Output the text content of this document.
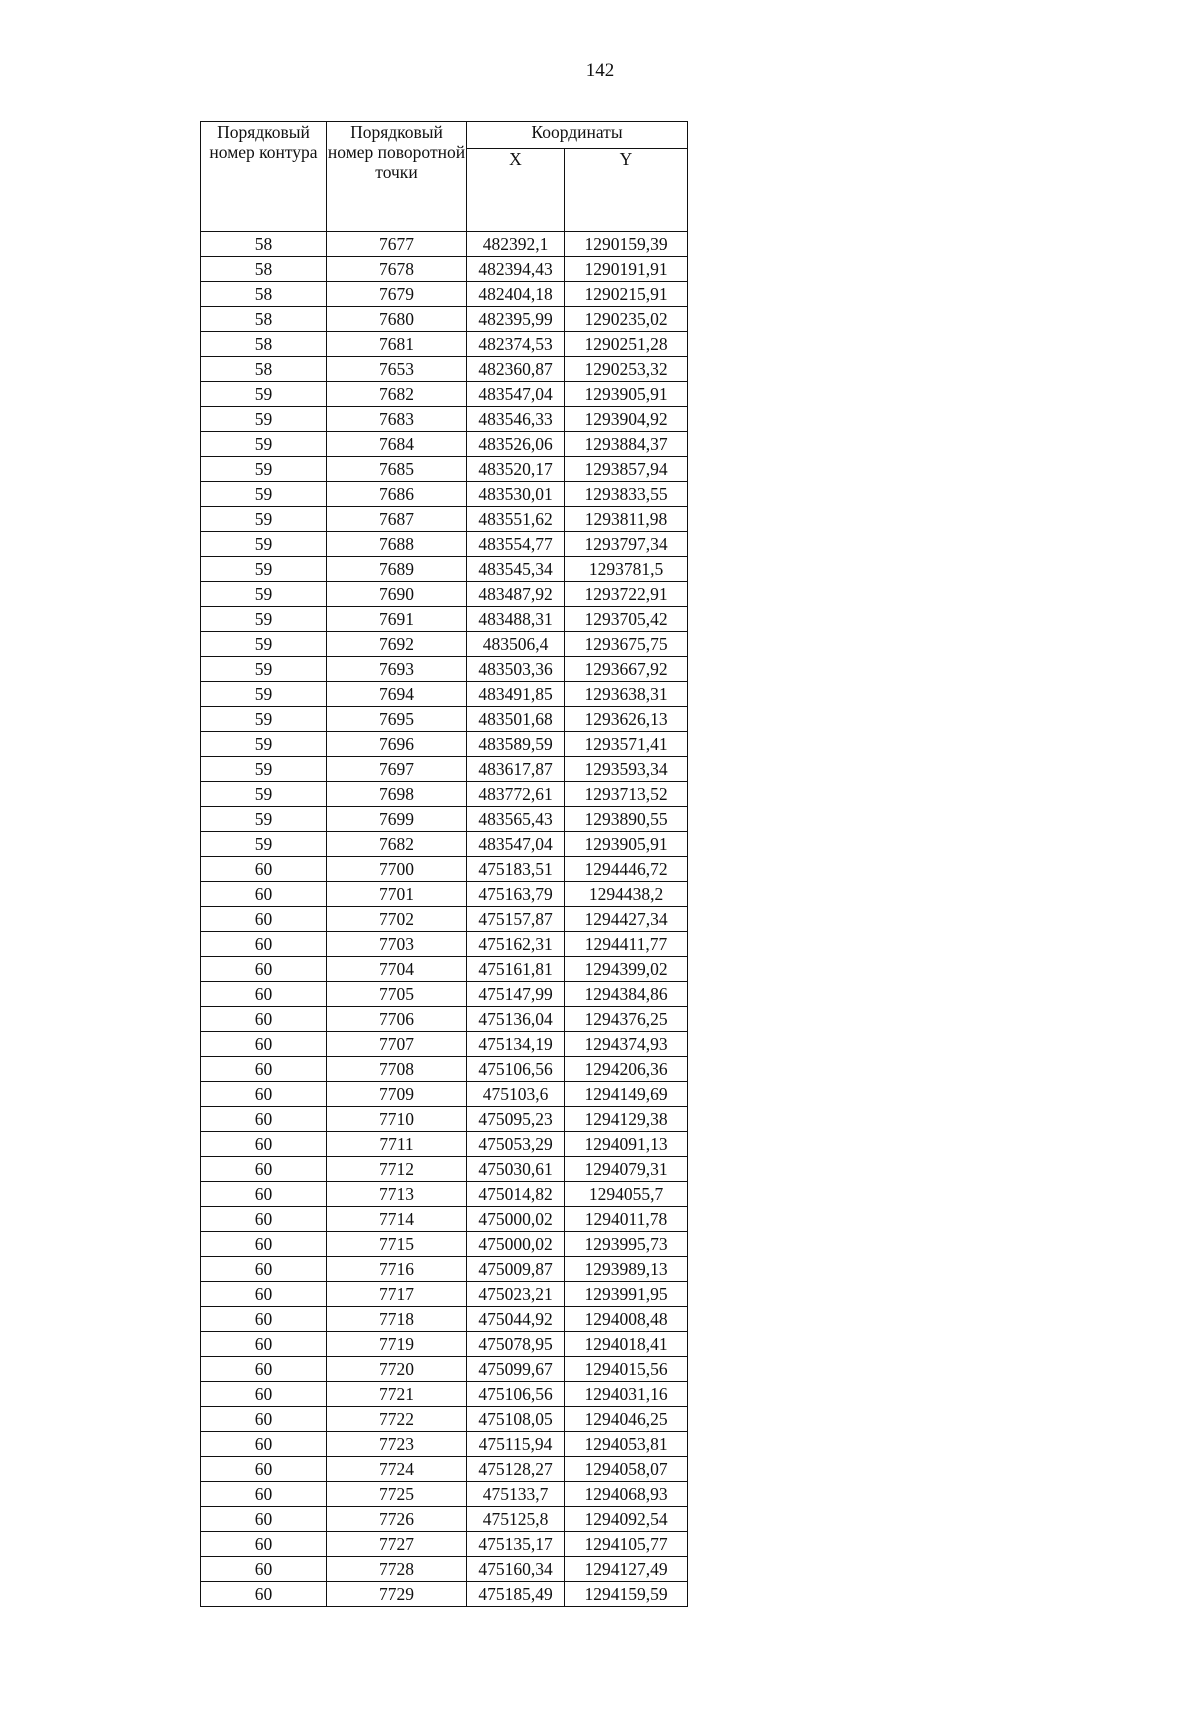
142
Порядковый номер контура	Порядковый номер поворотной точки	Координаты	
		X	Y
58	7677	482392,1	1290159,39
58	7678	482394,43	1290191,91
58	7679	482404,18	1290215,91
58	7680	482395,99	1290235,02
58	7681	482374,53	1290251,28
58	7653	482360,87	1290253,32
59	7682	483547,04	1293905,91
59	7683	483546,33	1293904,92
59	7684	483526,06	1293884,37
59	7685	483520,17	1293857,94
59	7686	483530,01	1293833,55
59	7687	483551,62	1293811,98
59	7688	483554,77	1293797,34
59	7689	483545,34	1293781,5
59	7690	483487,92	1293722,91
59	7691	483488,31	1293705,42
59	7692	483506,4	1293675,75
59	7693	483503,36	1293667,92
59	7694	483491,85	1293638,31
59	7695	483501,68	1293626,13
59	7696	483589,59	1293571,41
59	7697	483617,87	1293593,34
59	7698	483772,61	1293713,52
59	7699	483565,43	1293890,55
59	7682	483547,04	1293905,91
60	7700	475183,51	1294446,72
60	7701	475163,79	1294438,2
60	7702	475157,87	1294427,34
60	7703	475162,31	1294411,77
60	7704	475161,81	1294399,02
60	7705	475147,99	1294384,86
60	7706	475136,04	1294376,25
60	7707	475134,19	1294374,93
60	7708	475106,56	1294206,36
60	7709	475103,6	1294149,69
60	7710	475095,23	1294129,38
60	7711	475053,29	1294091,13
60	7712	475030,61	1294079,31
60	7713	475014,82	1294055,7
60	7714	475000,02	1294011,78
60	7715	475000,02	1293995,73
60	7716	475009,87	1293989,13
60	7717	475023,21	1293991,95
60	7718	475044,92	1294008,48
60	7719	475078,95	1294018,41
60	7720	475099,67	1294015,56
60	7721	475106,56	1294031,16
60	7722	475108,05	1294046,25
60	7723	475115,94	1294053,81
60	7724	475128,27	1294058,07
60	7725	475133,7	1294068,93
60	7726	475125,8	1294092,54
60	7727	475135,17	1294105,77
60	7728	475160,34	1294127,49
60	7729	475185,49	1294159,59
